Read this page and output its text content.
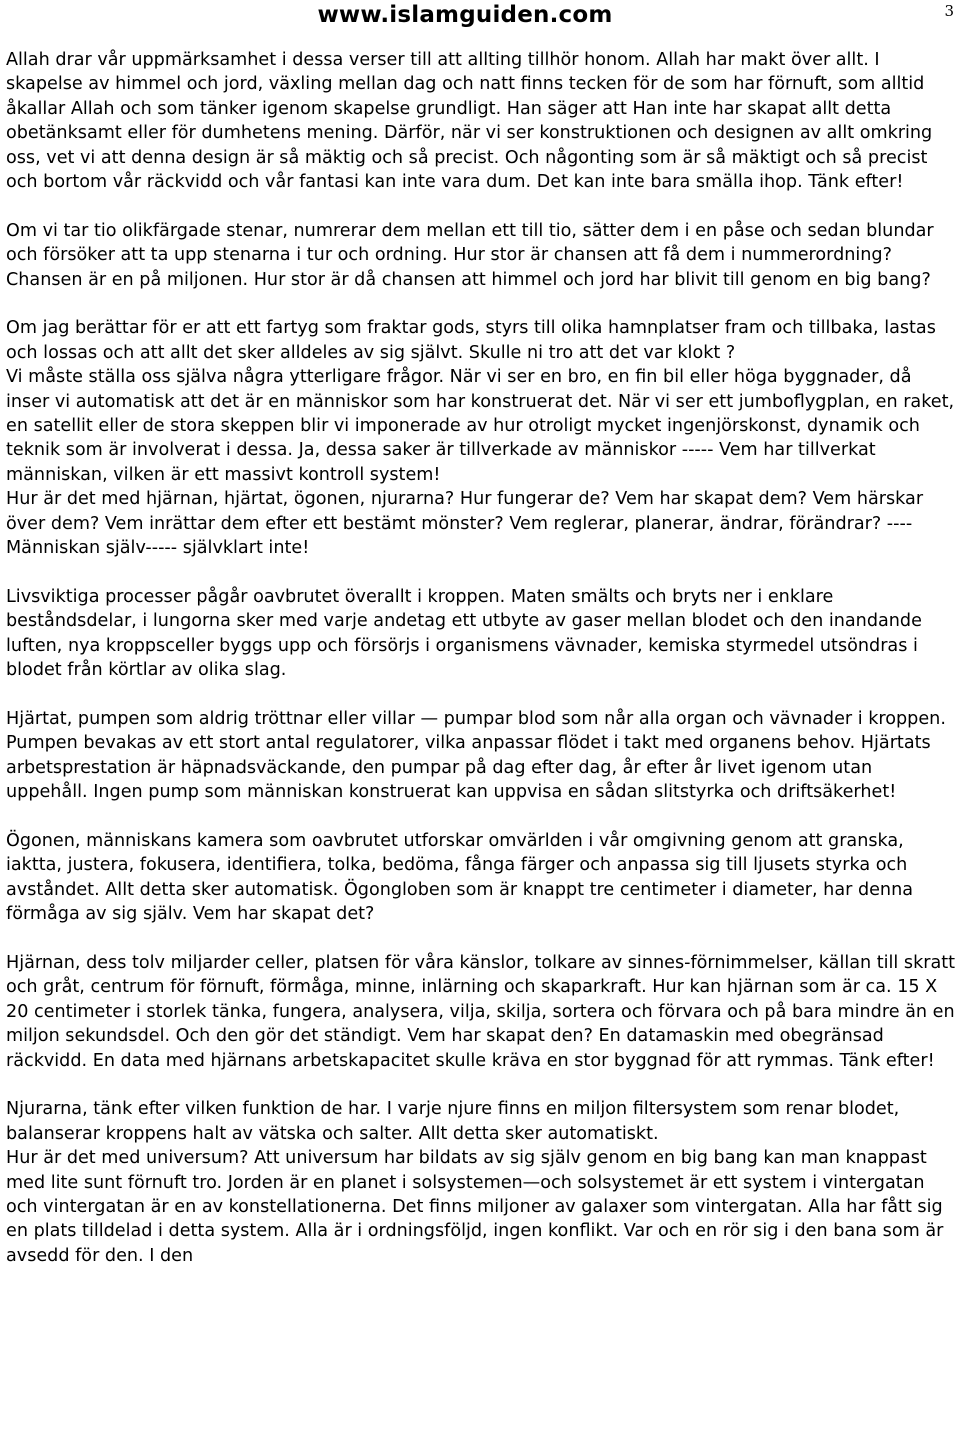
www.islamguiden.com	3

Allah drar vår uppmärksamhet i dessa verser till att allting tillhör honom. Allah har makt över allt. I skapelse av himmel och jord, växling mellan dag och natt finns tecken för de som har förnuft, som alltid åkallar Allah och som tänker igenom skapelse grundligt. Han säger att Han inte har skapat allt detta obetänksamt eller för dumhetens mening. Därför, när vi ser konstruktionen och designen av allt omkring oss, vet vi att denna design är så mäktig och så precist. Och någonting som är så mäktigt och så precist och bortom vår räckvidd och vår fantasi kan inte vara dum. Det kan inte bara smälla ihop. Tänk efter!

Om vi tar tio olikfärgade stenar, numrerar dem mellan ett till tio, sätter dem i en påse och sedan blundar och försöker att ta upp stenarna i tur och ordning. Hur stor är chansen att få dem i nummerordning? Chansen är en på miljonen. Hur stor är då chansen att himmel och jord har blivit till genom en big bang?

Om jag berättar för er att ett fartyg som fraktar gods, styrs till olika hamnplatser fram och tillbaka, lastas och lossas och att allt det sker alldeles av sig självt. Skulle ni tro att det var klokt ?

Vi måste ställa oss själva några ytterligare frågor. När vi ser en bro, en fin bil eller höga byggnader, då inser vi automatisk att det är en människor som har konstruerat det. När vi ser ett jumboflygplan, en raket, en satellit eller de stora skeppen blir vi imponerade av hur otroligt mycket ingenjörskonst, dynamik och teknik som är involverat i dessa. Ja, dessa saker är tillverkade av människor ----- Vem har tillverkat människan, vilken är ett massivt kontroll system!

Hur är det med hjärnan, hjärtat, ögonen, njurarna? Hur fungerar de? Vem har skapat dem? Vem härskar över dem? Vem inrättar dem efter ett bestämt mönster? Vem reglerar, planerar, ändrar, förändrar? ----Människan själv----- självklart inte!

Livsviktiga processer pågår oavbrutet överallt i kroppen. Maten smälts och bryts ner i enklare beståndsdelar, i lungorna sker med varje andetag ett utbyte av gaser mellan blodet och den inandande luften, nya kroppsceller byggs upp och försörjs i organismens vävnader, kemiska styrmedel utsöndras i blodet från körtlar av olika slag.

Hjärtat, pumpen som aldrig tröttnar eller villar — pumpar blod som når alla organ och vävnader i kroppen. Pumpen bevakas av ett stort antal regulatorer, vilka anpassar flödet i takt med organens behov. Hjärtats arbetsprestation är häpnadsväckande, den pumpar på dag efter dag, år efter år livet igenom utan uppehåll. Ingen pump som människan konstruerat kan uppvisa en sådan slitstyrka och driftsäkerhet!

Ögonen, människans kamera som oavbrutet utforskar omvärlden i vår omgivning genom att granska, iaktta, justera, fokusera, identifiera, tolka, bedöma, fånga färger och anpassa sig till ljusets styrka och avståndet. Allt detta sker automatisk. Ögongloben som är knappt tre centimeter i diameter, har denna förmåga av sig själv. Vem har skapat det?

Hjärnan, dess tolv miljarder celler, platsen för våra känslor, tolkare av sinnes-förnimmelser, källan till skratt och gråt, centrum för förnuft, förmåga, minne, inlärning och skaparkraft. Hur kan hjärnan som är ca. 15 X 20 centimeter i storlek tänka, fungera, analysera, vilja, skilja, sortera och förvara och på bara mindre än en miljon sekundsdel. Och den gör det ständigt. Vem har skapat den? En datamaskin med obegränsad räckvidd. En data med hjärnans arbetskapacitet skulle kräva en stor byggnad för att rymmas. Tänk efter!

Njurarna, tänk efter vilken funktion de har. I varje njure finns en miljon filtersystem som renar blodet, balanserar kroppens halt av vätska och salter. Allt detta sker automatiskt.

Hur är det med universum? Att universum har bildats av sig själv genom en big bang kan man knappast med lite sunt förnuft tro. Jorden är en planet i solsystemen—och solsystemet är ett system i vintergatan och vintergatan är en av konstellationerna. Det finns miljoner av galaxer som vintergatan. Alla har fått sig en plats tilldelad i detta system. Alla är i ordningsföljd, ingen konflikt. Var och en rör sig i den bana som är avsedd för den. I den
